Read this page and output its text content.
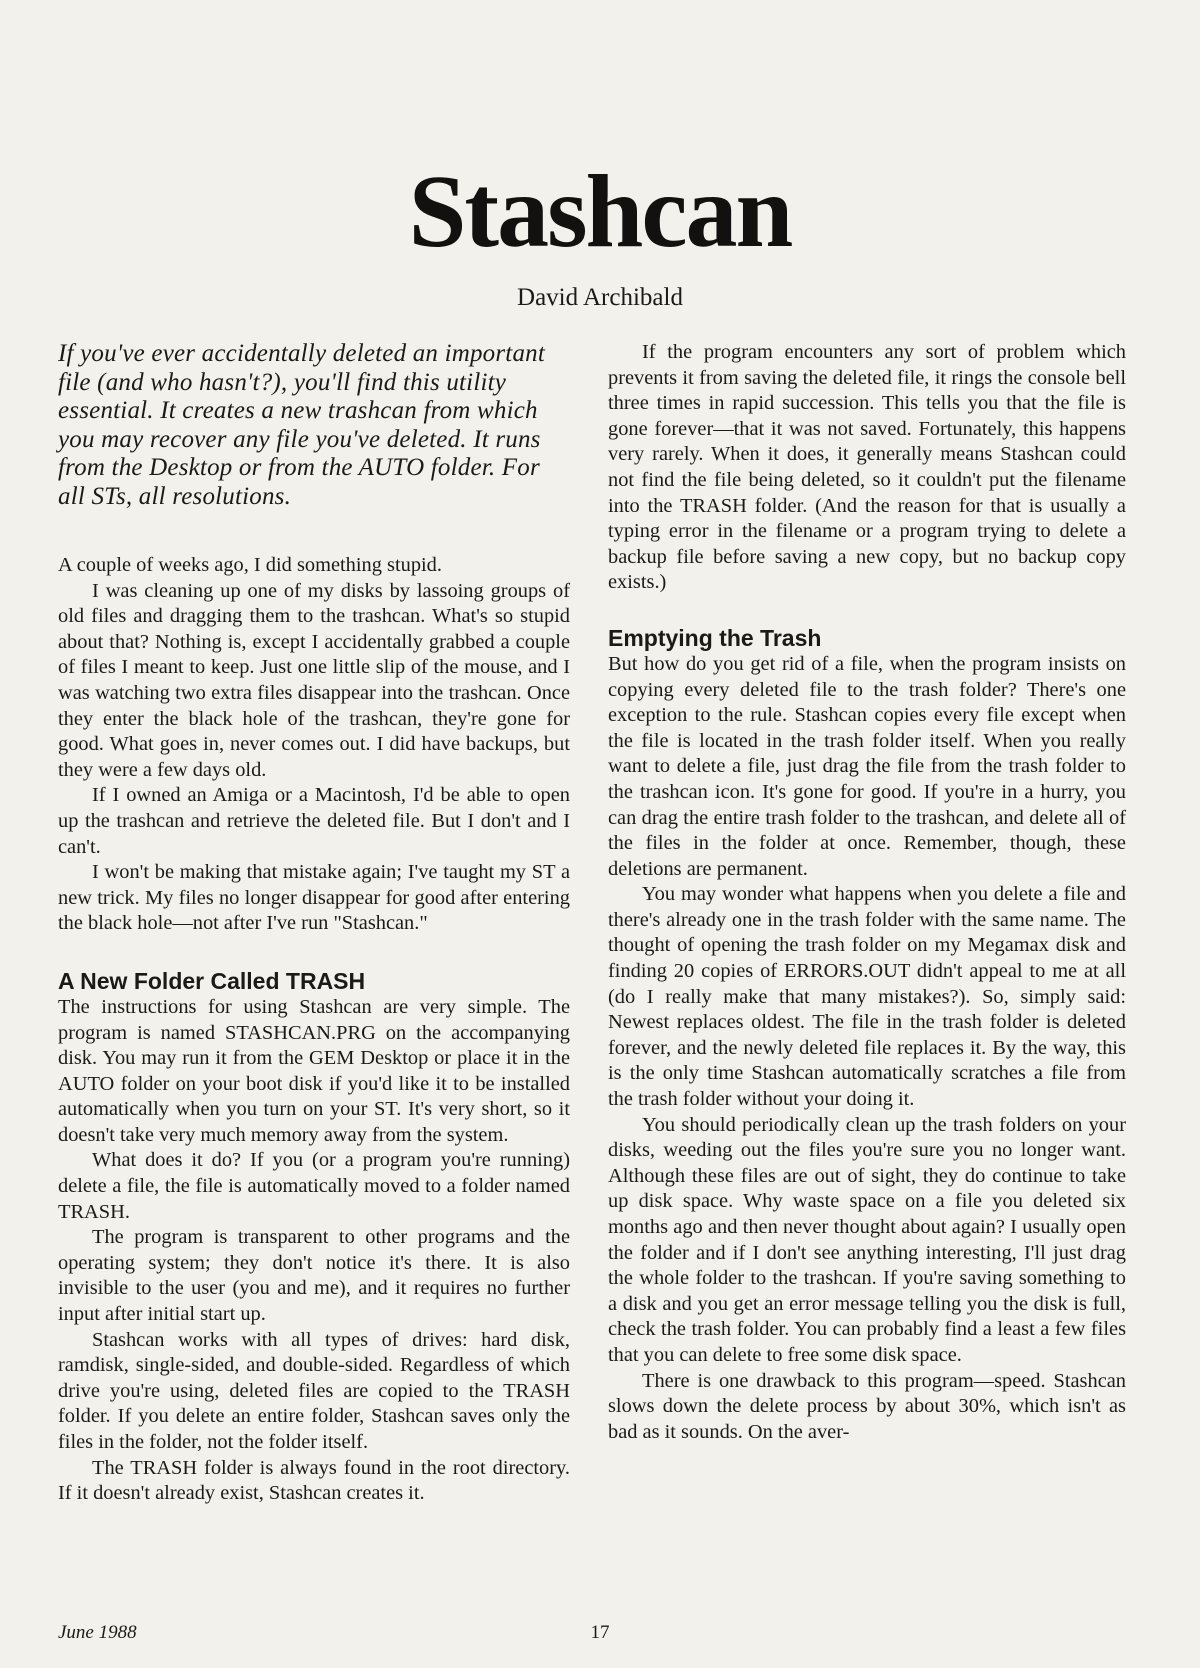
Stashcan
David Archibald
If you've ever accidentally deleted an important file (and who hasn't?), you'll find this utility essential. It creates a new trashcan from which you may recover any file you've deleted. It runs from the Desktop or from the AUTO folder. For all STs, all resolutions.

A couple of weeks ago, I did something stupid.

I was cleaning up one of my disks by lassoing groups of old files and dragging them to the trashcan. What's so stupid about that? Nothing is, except I accidentally grabbed a couple of files I meant to keep. Just one little slip of the mouse, and I was watching two extra files disappear into the trashcan. Once they enter the black hole of the trashcan, they're gone for good. What goes in, never comes out. I did have backups, but they were a few days old.

If I owned an Amiga or a Macintosh, I'd be able to open up the trashcan and retrieve the deleted file. But I don't and I can't.

I won't be making that mistake again; I've taught my ST a new trick. My files no longer disappear for good after entering the black hole—not after I've run "Stashcan."

A New Folder Called TRASH

The instructions for using Stashcan are very simple. The program is named STASHCAN.PRG on the accompanying disk. You may run it from the GEM Desktop or place it in the AUTO folder on your boot disk if you'd like it to be installed automatically when you turn on your ST. It's very short, so it doesn't take very much memory away from the system.

What does it do? If you (or a program you're running) delete a file, the file is automatically moved to a folder named TRASH.

The program is transparent to other programs and the operating system; they don't notice it's there. It is also invisible to the user (you and me), and it requires no further input after initial start up.

Stashcan works with all types of drives: hard disk, ramdisk, single-sided, and double-sided. Regardless of which drive you're using, deleted files are copied to the TRASH folder. If you delete an entire folder, Stashcan saves only the files in the folder, not the folder itself.

The TRASH folder is always found in the root directory. If it doesn't already exist, Stashcan creates it.

If the program encounters any sort of problem which prevents it from saving the deleted file, it rings the console bell three times in rapid succession. This tells you that the file is gone forever—that it was not saved. Fortunately, this happens very rarely. When it does, it generally means Stashcan could not find the file being deleted, so it couldn't put the filename into the TRASH folder. (And the reason for that is usually a typing error in the filename or a program trying to delete a backup file before saving a new copy, but no backup copy exists.)

Emptying the Trash

But how do you get rid of a file, when the program insists on copying every deleted file to the trash folder? There's one exception to the rule. Stashcan copies every file except when the file is located in the trash folder itself. When you really want to delete a file, just drag the file from the trash folder to the trashcan icon. It's gone for good. If you're in a hurry, you can drag the entire trash folder to the trashcan, and delete all of the files in the folder at once. Remember, though, these deletions are permanent.

You may wonder what happens when you delete a file and there's already one in the trash folder with the same name. The thought of opening the trash folder on my Megamax disk and finding 20 copies of ERRORS.OUT didn't appeal to me at all (do I really make that many mistakes?). So, simply said: Newest replaces oldest. The file in the trash folder is deleted forever, and the newly deleted file replaces it. By the way, this is the only time Stashcan automatically scratches a file from the trash folder without your doing it.

You should periodically clean up the trash folders on your disks, weeding out the files you're sure you no longer want. Although these files are out of sight, they do continue to take up disk space. Why waste space on a file you deleted six months ago and then never thought about again? I usually open the folder and if I don't see anything interesting, I'll just drag the whole folder to the trashcan. If you're saving something to a disk and you get an error message telling you the disk is full, check the trash folder. You can probably find a least a few files that you can delete to free some disk space.

There is one drawback to this program—speed. Stashcan slows down the delete process by about 30%, which isn't as bad as it sounds. On the aver-

June 1988	17
